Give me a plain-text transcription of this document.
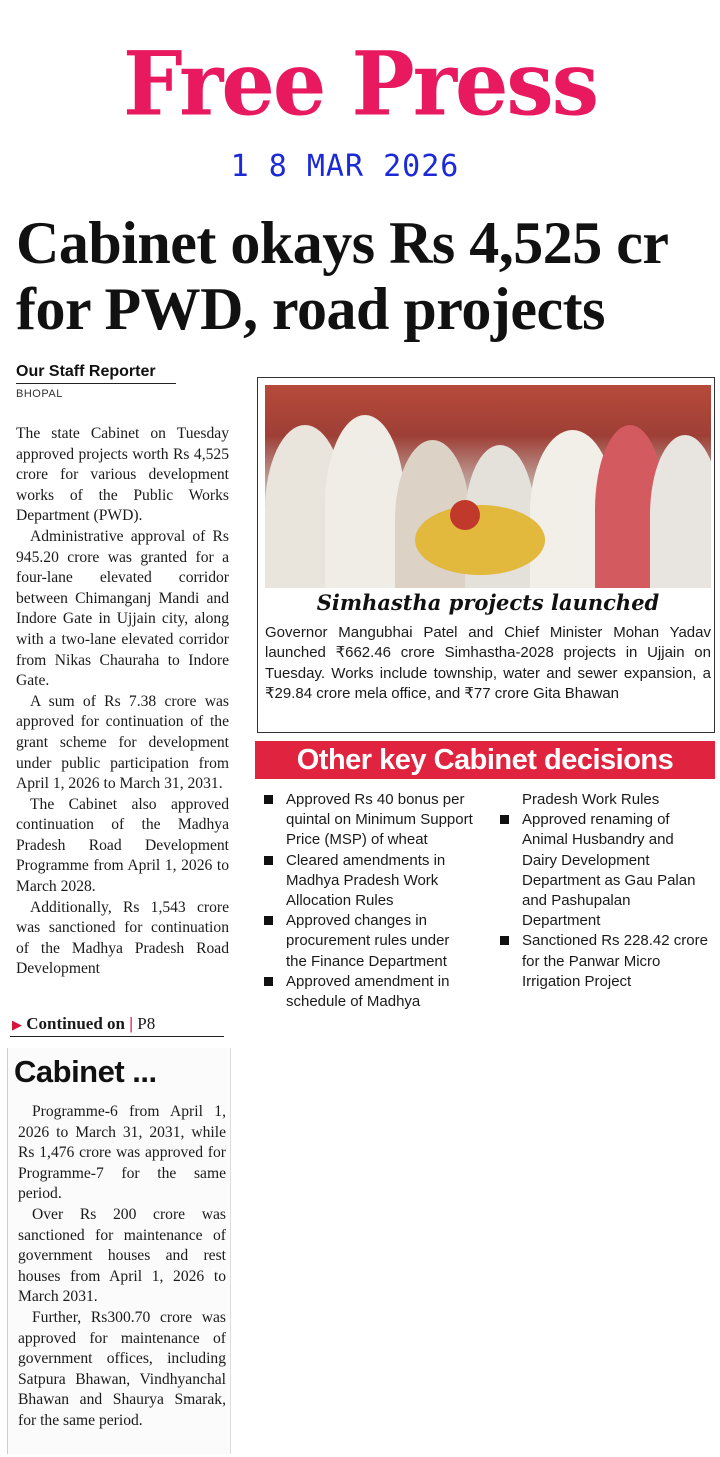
Free Press
1 8 MAR 2026
Cabinet okays Rs 4,525 cr for PWD, road projects
Our Staff Reporter
BHOPAL

The state Cabinet on Tuesday approved projects worth Rs 4,525 crore for various development works of the Public Works Department (PWD).

Administrative approval of Rs 945.20 crore was granted for a four-lane elevated corridor between Chimanganj Mandi and Indore Gate in Ujjain city, along with a two-lane elevated corridor from Nikas Chauraha to Indore Gate.

A sum of Rs 7.38 crore was approved for continuation of the grant scheme for development under public participation from April 1, 2026 to March 31, 2031.

The Cabinet also approved continuation of the Madhya Pradesh Road Development Programme from April 1, 2026 to March 2028.

Additionally, Rs 1,543 crore was sanctioned for continuation of the Madhya Pradesh Road Development

▶ Continued on | P8
Simhastha projects launched
Governor Mangubhai Patel and Chief Minister Mohan Yadav launched ₹662.46 crore Simhastha-2028 projects in Ujjain on Tuesday. Works include township, water and sewer expansion, a ₹29.84 crore mela office, and ₹77 crore Gita Bhawan
Other key Cabinet decisions
Approved Rs 40 bonus per quintal on Minimum Support Price (MSP) of wheat
Cleared amendments in Madhya Pradesh Work Allocation Rules
Approved changes in procurement rules under the Finance Department
Approved amendment in schedule of Madhya Pradesh Work Rules
Approved renaming of Animal Husbandry and Dairy Development Department as Gau Palan and Pashupalan Department
Sanctioned Rs 228.42 crore for the Panwar Micro Irrigation Project
Cabinet ...

Programme-6 from April 1, 2026 to March 31, 2031, while Rs 1,476 crore was approved for Programme-7 for the same period.

Over Rs 200 crore was sanctioned for maintenance of government houses and rest houses from April 1, 2026 to March 2031.

Further, Rs300.70 crore was approved for maintenance of government offices, including Satpura Bhawan, Vindhyanchal Bhawan and Shaurya Smarak, for the same period.
